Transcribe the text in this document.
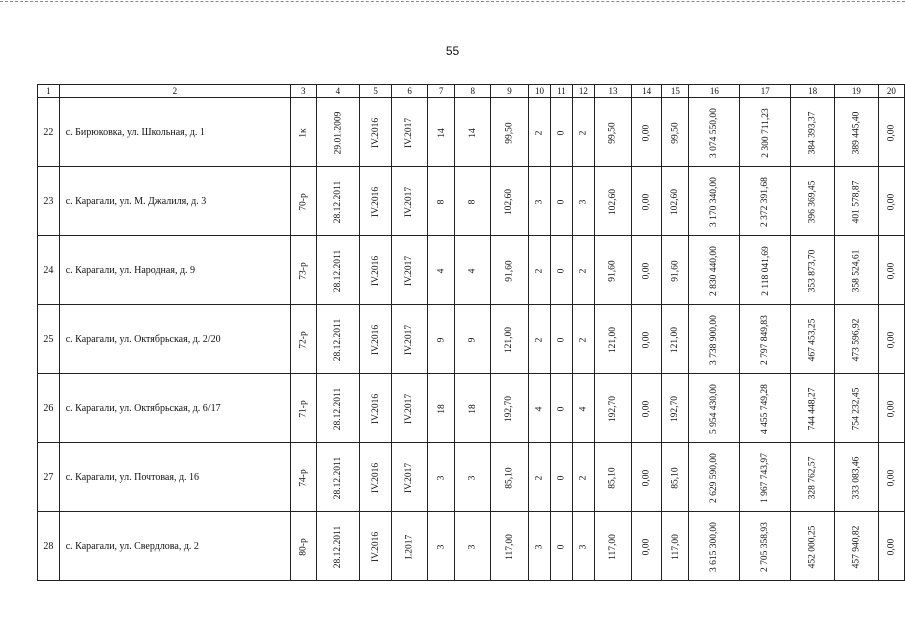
55
1	2	3	4	5	6	7	8	9	10	11	12	13	14	15	16	17	18	19	20
22	с. Бирюковка, ул. Школьная, д. 1	1к	29.01.2009	IV.2016	IV.2017	14	14	99,50	2	0	2	99,50	0,00	99,50	3 074 550,00	2 300 711,23	384 393,37	389 445,40	0,00
23	с. Карагали, ул. М. Джалиля, д. 3	70-р	28.12.2011	IV.2016	IV.2017	8	8	102,60	3	0	3	102,60	0,00	102,60	3 170 340,00	2 372 391,68	396 369,45	401 578,87	0,00
24	с. Карагали, ул. Народная, д. 9	73-р	28.12.2011	IV.2016	IV.2017	4	4	91,60	2	0	2	91,60	0,00	91,60	2 830 440,00	2 118 041,69	353 873,70	358 524,61	0,00
25	с. Карагали, ул. Октябрьская, д. 2/20	72-р	28.12.2011	IV.2016	IV.2017	9	9	121,00	2	0	2	121,00	0,00	121,00	3 738 900,00	2 797 849,83	467 453,25	473 596,92	0,00
26	с. Карагали, ул. Октябрьская, д. 6/17	71-р	28.12.2011	IV.2016	IV.2017	18	18	192,70	4	0	4	192,70	0,00	192,70	5 954 430,00	4 455 749,28	744 448,27	754 232,45	0,00
27	с. Карагали, ул. Почтовая, д. 16	74-р	28.12.2011	IV.2016	IV.2017	3	3	85,10	2	0	2	85,10	0,00	85,10	2 629 590,00	1 967 743,97	328 762,57	333 083,46	0,00
28	с. Карагали, ул. Свердлова, д. 2	80-р	28.12.2011	IV.2016	I.2017	3	3	117,00	3	0	3	117,00	0,00	117,00	3 615 300,00	2 705 358,93	452 000,25	457 940,82	0,00
